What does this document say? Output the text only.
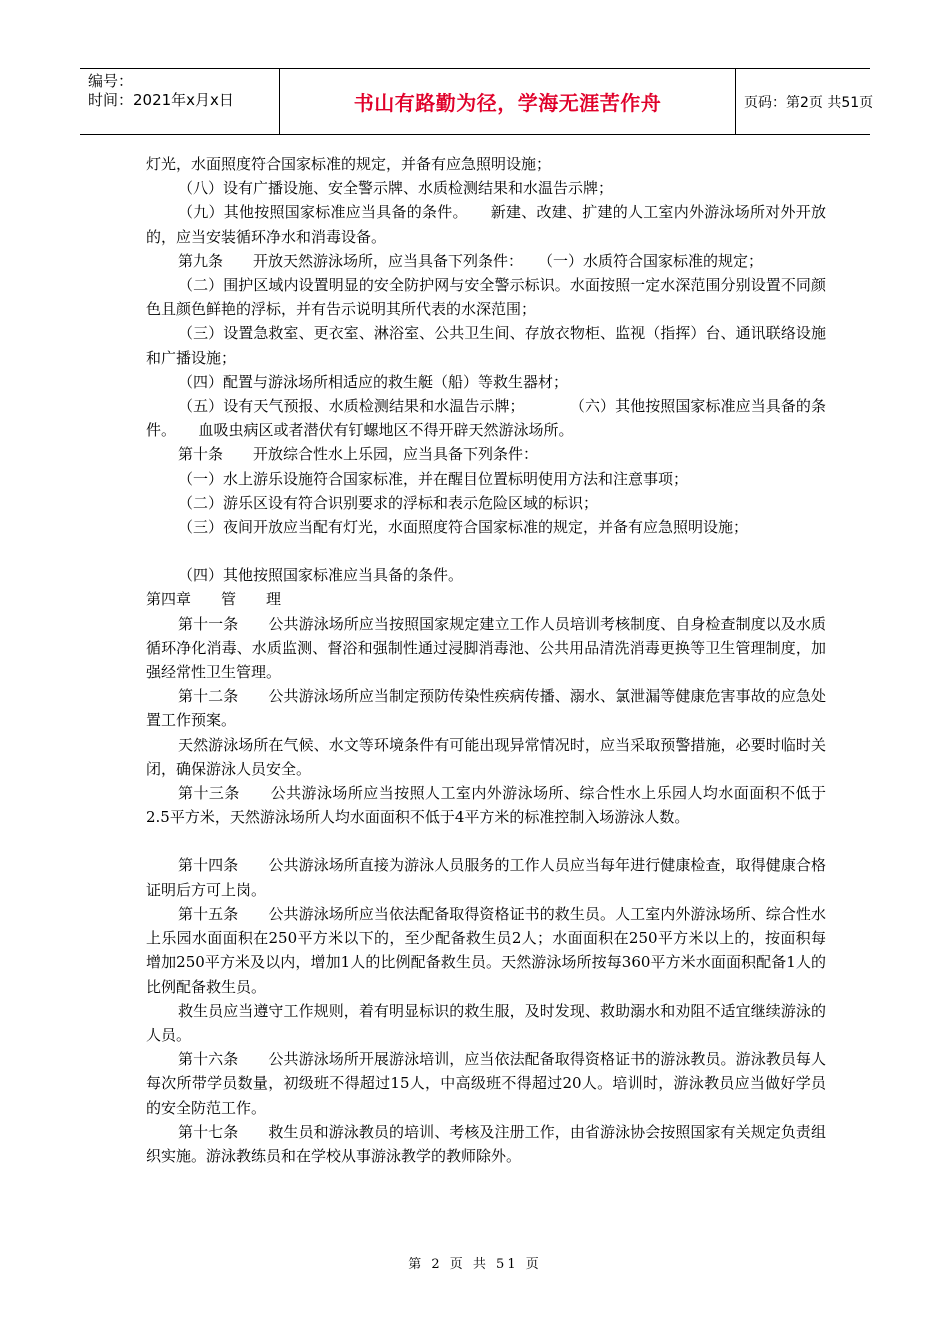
编号：
时间：2021年x月x日	书山有路勤为径，学海无涯苦作舟	页码：第2页 共51页

灯光，水面照度符合国家标准的规定，并备有应急照明设施；

（八）设有广播设施、安全警示牌、水质检测结果和水温告示牌；

（九）其他按照国家标准应当具备的条件。　　新建、改建、扩建的人工室内外游泳场所对外开放的，应当安装循环净水和消毒设备。

第九条　　开放天然游泳场所，应当具备下列条件：　　（一）水质符合国家标准的规定；

（二）围护区域内设置明显的安全防护网与安全警示标识。水面按照一定水深范围分别设置不同颜色且颜色鲜艳的浮标，并有告示说明其所代表的水深范围；

（三）设置急救室、更衣室、淋浴室、公共卫生间、存放衣物柜、监视（指挥）台、通讯联络设施和广播设施；

（四）配置与游泳场所相适应的救生艇（船）等救生器材；

（五）设有天气预报、水质检测结果和水温告示牌；　　　　（六）其他按照国家标准应当具备的条件。　　血吸虫病区或者潜伏有钉螺地区不得开辟天然游泳场所。

第十条　　开放综合性水上乐园，应当具备下列条件：

（一）水上游乐设施符合国家标准，并在醒目位置标明使用方法和注意事项；

（二）游乐区设有符合识别要求的浮标和表示危险区域的标识；

（三）夜间开放应当配有灯光，水面照度符合国家标准的规定，并备有应急照明设施；

（四）其他按照国家标准应当具备的条件。

第四章　　管　　理

第十一条　　公共游泳场所应当按照国家规定建立工作人员培训考核制度、自身检查制度以及水质循环净化消毒、水质监测、督浴和强制性通过浸脚消毒池、公共用品清洗消毒更换等卫生管理制度，加强经常性卫生管理。

第十二条　　公共游泳场所应当制定预防传染性疾病传播、溺水、氯泄漏等健康危害事故的应急处置工作预案。

天然游泳场所在气候、水文等环境条件有可能出现异常情况时，应当采取预警措施，必要时临时关闭，确保游泳人员安全。

第十三条　　公共游泳场所应当按照人工室内外游泳场所、综合性水上乐园人均水面面积不低于2.5平方米，天然游泳场所人均水面面积不低于4平方米的标准控制入场游泳人数。

第十四条　　公共游泳场所直接为游泳人员服务的工作人员应当每年进行健康检查，取得健康合格证明后方可上岗。

第十五条　　公共游泳场所应当依法配备取得资格证书的救生员。人工室内外游泳场所、综合性水上乐园水面面积在250平方米以下的，至少配备救生员2人；水面面积在250平方米以上的，按面积每增加250平方米及以内，增加1人的比例配备救生员。天然游泳场所按每360平方米水面面积配备1人的比例配备救生员。

救生员应当遵守工作规则，着有明显标识的救生服，及时发现、救助溺水和劝阻不适宜继续游泳的人员。

第十六条　　公共游泳场所开展游泳培训，应当依法配备取得资格证书的游泳教员。游泳教员每人每次所带学员数量，初级班不得超过15人，中高级班不得超过20人。培训时，游泳教员应当做好学员的安全防范工作。

第十七条　　救生员和游泳教员的培训、考核及注册工作，由省游泳协会按照国家有关规定负责组织实施。游泳教练员和在学校从事游泳教学的教师除外。

第 2 页 共 51 页
